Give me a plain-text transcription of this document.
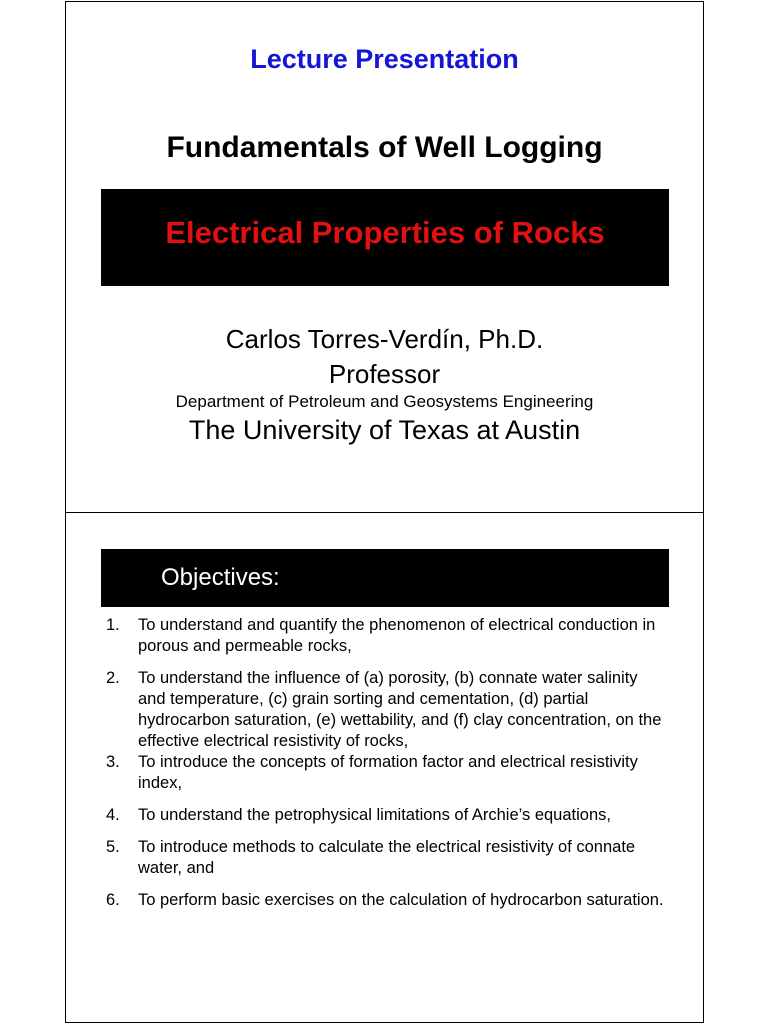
Lecture Presentation
Fundamentals of Well Logging
Electrical Properties of Rocks
Carlos Torres-Verdín, Ph.D.
Professor
Department of Petroleum and Geosystems Engineering
The University of Texas at Austin
Objectives:
1. To understand and quantify the phenomenon of electrical conduction in porous and permeable rocks,
2. To understand the influence of (a) porosity, (b) connate water salinity and temperature, (c) grain sorting and cementation, (d) partial hydrocarbon saturation, (e) wettability, and (f) clay concentration, on the effective electrical resistivity of rocks,
3. To introduce the concepts of formation factor and electrical resistivity index,
4. To understand the petrophysical limitations of Archie’s equations,
5. To introduce methods to calculate the electrical resistivity of connate water, and
6. To perform basic exercises on the calculation of hydrocarbon saturation.
